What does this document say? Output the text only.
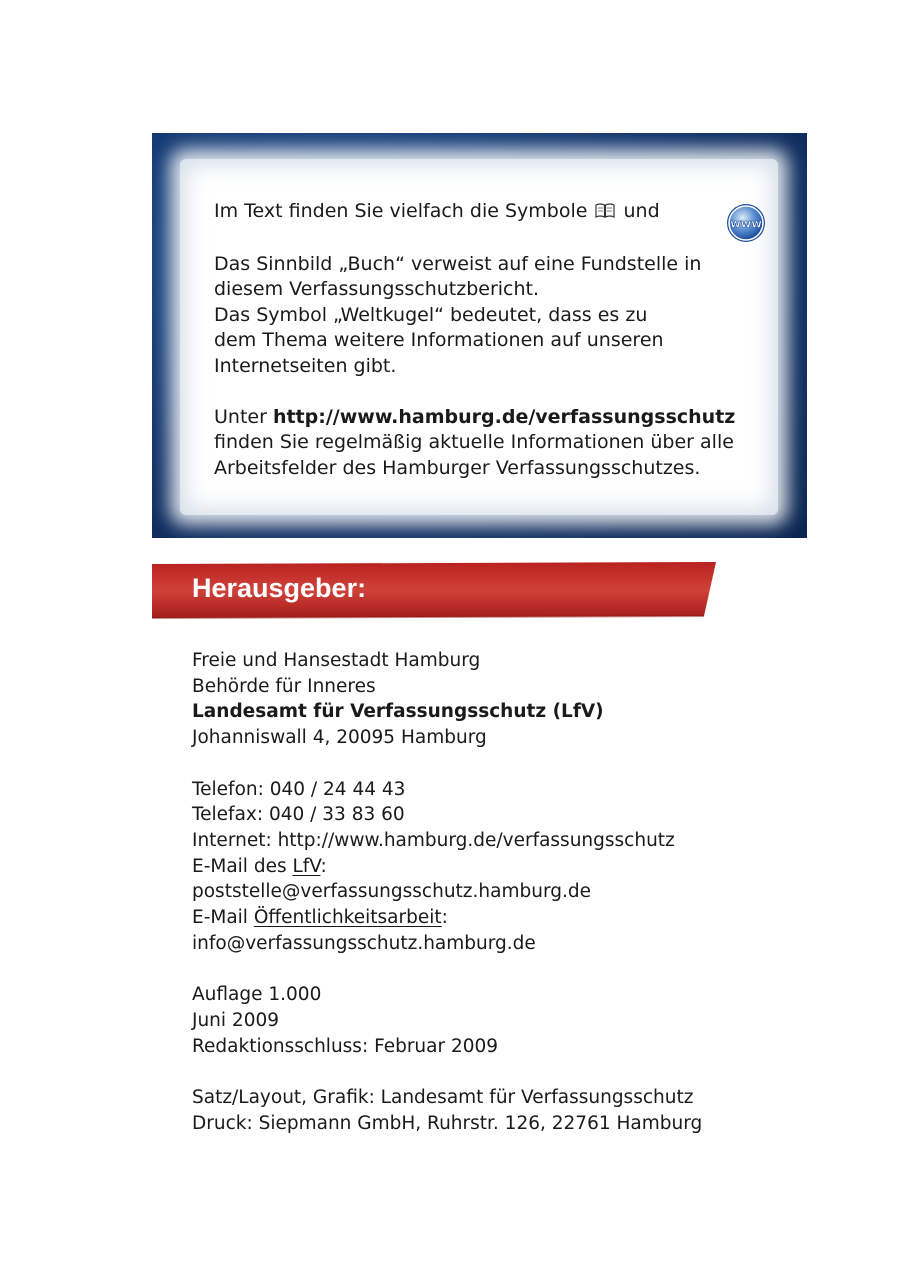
Im Text finden Sie vielfach die Symbole und

Das Sinnbild „Buch“ verweist auf eine Fundstelle in

diesem Verfassungsschutzbericht.

Das Symbol „Weltkugel“ bedeutet, dass es zu

dem Thema weitere Informationen auf unseren

Internetseiten gibt.

Unter http://www.hamburg.de/verfassungsschutz

finden Sie regelmäßig aktuelle Informationen über alle

Arbeitsfelder des Hamburger Verfassungsschutzes.

www
Herausgeber:
Freie und Hansestadt Hamburg
Behörde für Inneres
Landesamt für Verfassungsschutz (LfV)
Johanniswall 4, 20095 Hamburg
Telefon: 040 / 24 44 43
Telefax: 040 / 33 83 60
Internet: http://www.hamburg.de/verfassungsschutz
E-Mail des LfV:
poststelle@verfassungsschutz.hamburg.de
E-Mail Öffentlichkeitsarbeit:
info@verfassungsschutz.hamburg.de
Auflage 1.000
Juni 2009
Redaktionsschluss: Februar 2009
Satz/Layout, Grafik: Landesamt für Verfassungsschutz
Druck: Siepmann GmbH, Ruhrstr. 126, 22761 Hamburg
